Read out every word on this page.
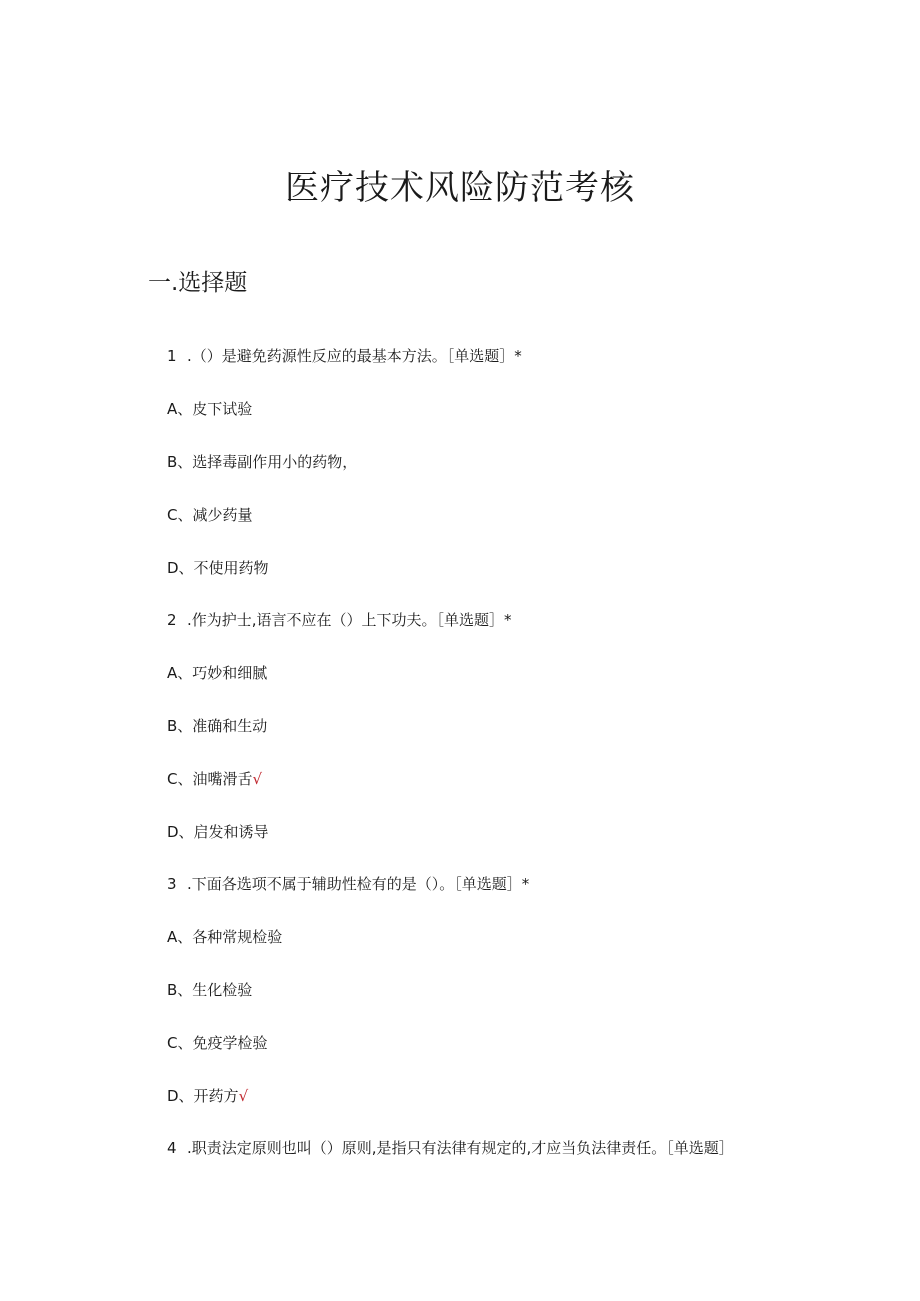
医疗技术风险防范考核
一.选择题
1 .（）是避免药源性反应的最基本方法。［单选题］*
A、皮下试验
B、选择毒副作用小的药物，
C、减少药量
D、不使用药物
2 .作为护士,语言不应在（）上下功夫。［单选题］*
A、巧妙和细腻
B、准确和生动
C、油嘴滑舌√
D、启发和诱导
3 .下面各选项不属于辅助性检有的是（）。［单选题］*
A、各种常规检验
B、生化检验
C、免疫学检验
D、开药方√
4 .职责法定原则也叫（）原则,是指只有法律有规定的,才应当负法律责任。［单选题］
